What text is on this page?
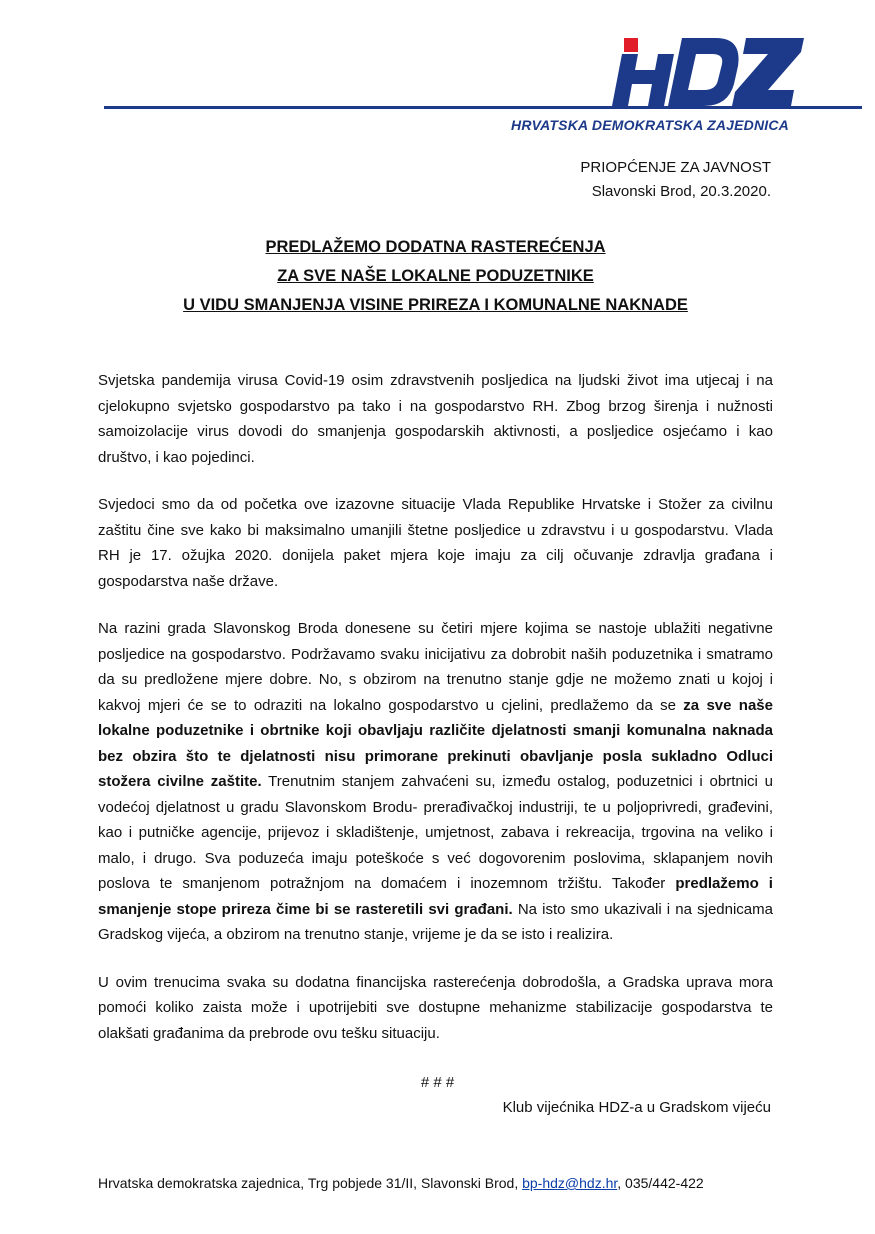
HRVATSKA DEMOKRATSKA ZAJEDNICA
PRIOPĆENJE ZA JAVNOST
Slavonski Brod, 20.3.2020.
PREDLAŽEMO DODATNA RASTEREĆENJA
ZA SVE NAŠE LOKALNE PODUZETNIKE
U VIDU SMANJENJA VISINE PRIREZA I KOMUNALNE NAKNADE

Svjetska pandemija virusa Covid-19 osim zdravstvenih posljedica na ljudski život ima utjecaj i na cjelokupno svjetsko gospodarstvo pa tako i na gospodarstvo RH. Zbog brzog širenja i nužnosti samoizolacije virus dovodi do smanjenja gospodarskih aktivnosti, a posljedice osjećamo i kao društvo, i kao pojedinci.

Svjedoci smo da od početka ove izazovne situacije Vlada Republike Hrvatske i Stožer za civilnu zaštitu čine sve kako bi maksimalno umanjili štetne posljedice u zdravstvu i u gospodarstvu. Vlada RH je 17. ožujka 2020. donijela paket mjera koje imaju za cilj očuvanje zdravlja građana i gospodarstva naše države.

Na razini grada Slavonskog Broda donesene su četiri mjere kojima se nastoje ublažiti negativne posljedice na gospodarstvo. Podržavamo svaku inicijativu za dobrobit naših poduzetnika i smatramo da su predložene mjere dobre. No, s obzirom na trenutno stanje gdje ne možemo znati u kojoj i kakvoj mjeri će se to odraziti na lokalno gospodarstvo u cjelini, predlažemo da se za sve naše lokalne poduzetnike i obrtnike koji obavljaju različite djelatnosti smanji komunalna naknada bez obzira što te djelatnosti nisu primorane prekinuti obavljanje posla sukladno Odluci stožera civilne zaštite. Trenutnim stanjem zahvaćeni su, između ostalog, poduzetnici i obrtnici u vodećoj djelatnost u gradu Slavonskom Brodu- prerađivačkoj industriji, te u poljoprivredi, građevini, kao i putničke agencije, prijevoz i skladištenje, umjetnost, zabava i rekreacija, trgovina na veliko i malo, i drugo. Sva poduzeća imaju poteškoće s već dogovorenim poslovima, sklapanjem novih poslova te smanjenom potražnjom na domaćem i inozemnom tržištu. Također predlažemo i smanjenje stope prireza čime bi se rasteretili svi građani. Na isto smo ukazivali i na sjednicama Gradskog vijeća, a obzirom na trenutno stanje, vrijeme je da se isto i realizira.

U ovim trenucima svaka su dodatna financijska rasterećenja dobrodošla, a Gradska uprava mora pomoći koliko zaista može i upotrijebiti sve dostupne mehanizme stabilizacije gospodarstva te olakšati građanima da prebrode ovu tešku situaciju.

# # #
Klub vijećnika HDZ-a u Gradskom vijeću
Hrvatska demokratska zajednica, Trg pobjede 31/II, Slavonski Brod, bp-hdz@hdz.hr, 035/442-422
